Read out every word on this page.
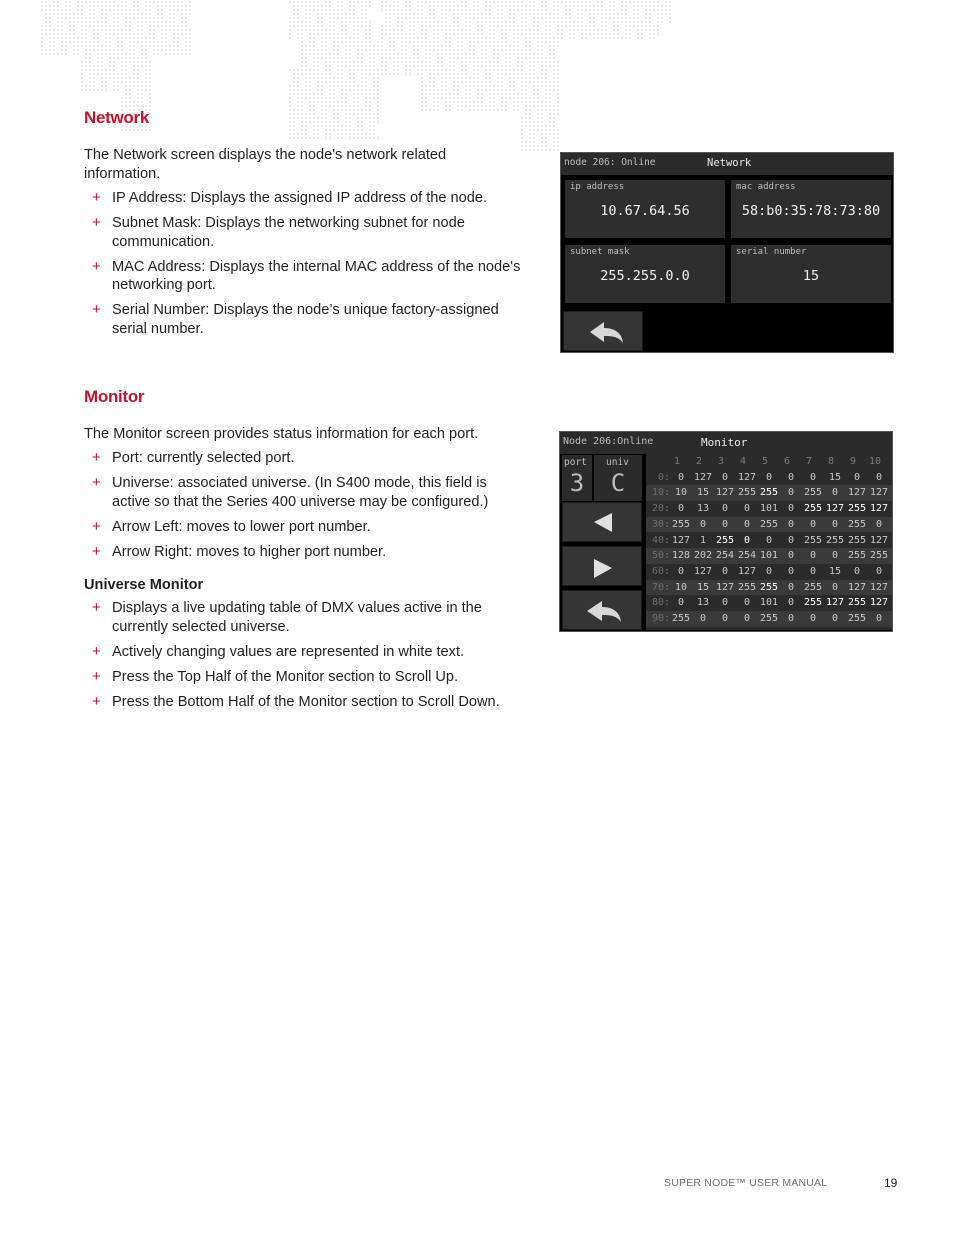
Network
The Network screen displays the node's network related information.
+ IP Address: Displays the assigned IP address of the node.
+ Subnet Mask: Displays the networking subnet for node communication.
+ MAC Address: Displays the internal MAC address of the node's networking port.
+ Serial Number: Displays the node’s unique factory-assigned serial number.
node 206: Online	Network
ip address
10.67.64.56
mac address
58:b0:35:78:73:80
subnet mask
255.255.0.0
serial number
15
Monitor
The Monitor screen provides status information for each port.
+ Port: currently selected port.
+ Universe: associated universe. (In S400 mode, this field is active so that the Series 400 universe may be configured.)
+ Arrow Left: moves to lower port number.
+ Arrow Right: moves to higher port number.
Universe Monitor
+ Displays a live updating table of DMX values active in the currently selected universe.
+ Actively changing values are represented in white text.
+ Press the Top Half of the Monitor section to Scroll Up.
+ Press the Bottom Half of the Monitor section to Scroll Down.
Node 206:Online	Monitor
port
3
univ
C
1	2	3	4	5	6	7	8	9	10
0: 0 127 0 127 0	0	0	15	0	0
10: 10 15 127 255 255 0 255 0 127 127
20: 0	13	0	0 101 0 255 127 255 127
30: 255 0	0	0 255 0	0	0 255 0
40: 127 1 255 0	0	0 255 255 255 127
50: 128 202 254 254 101 0	0	0 255 255
60: 0 127 0 127 0	0	0	15	0	0
70: 10 15 127 255 255 0 255 0 127 127
80: 0	13	0	0 101 0 255 127 255 127
90: 255 0	0	0 255 0	0	0 255 0
SUPER NODE™ USER MANUAL	19
